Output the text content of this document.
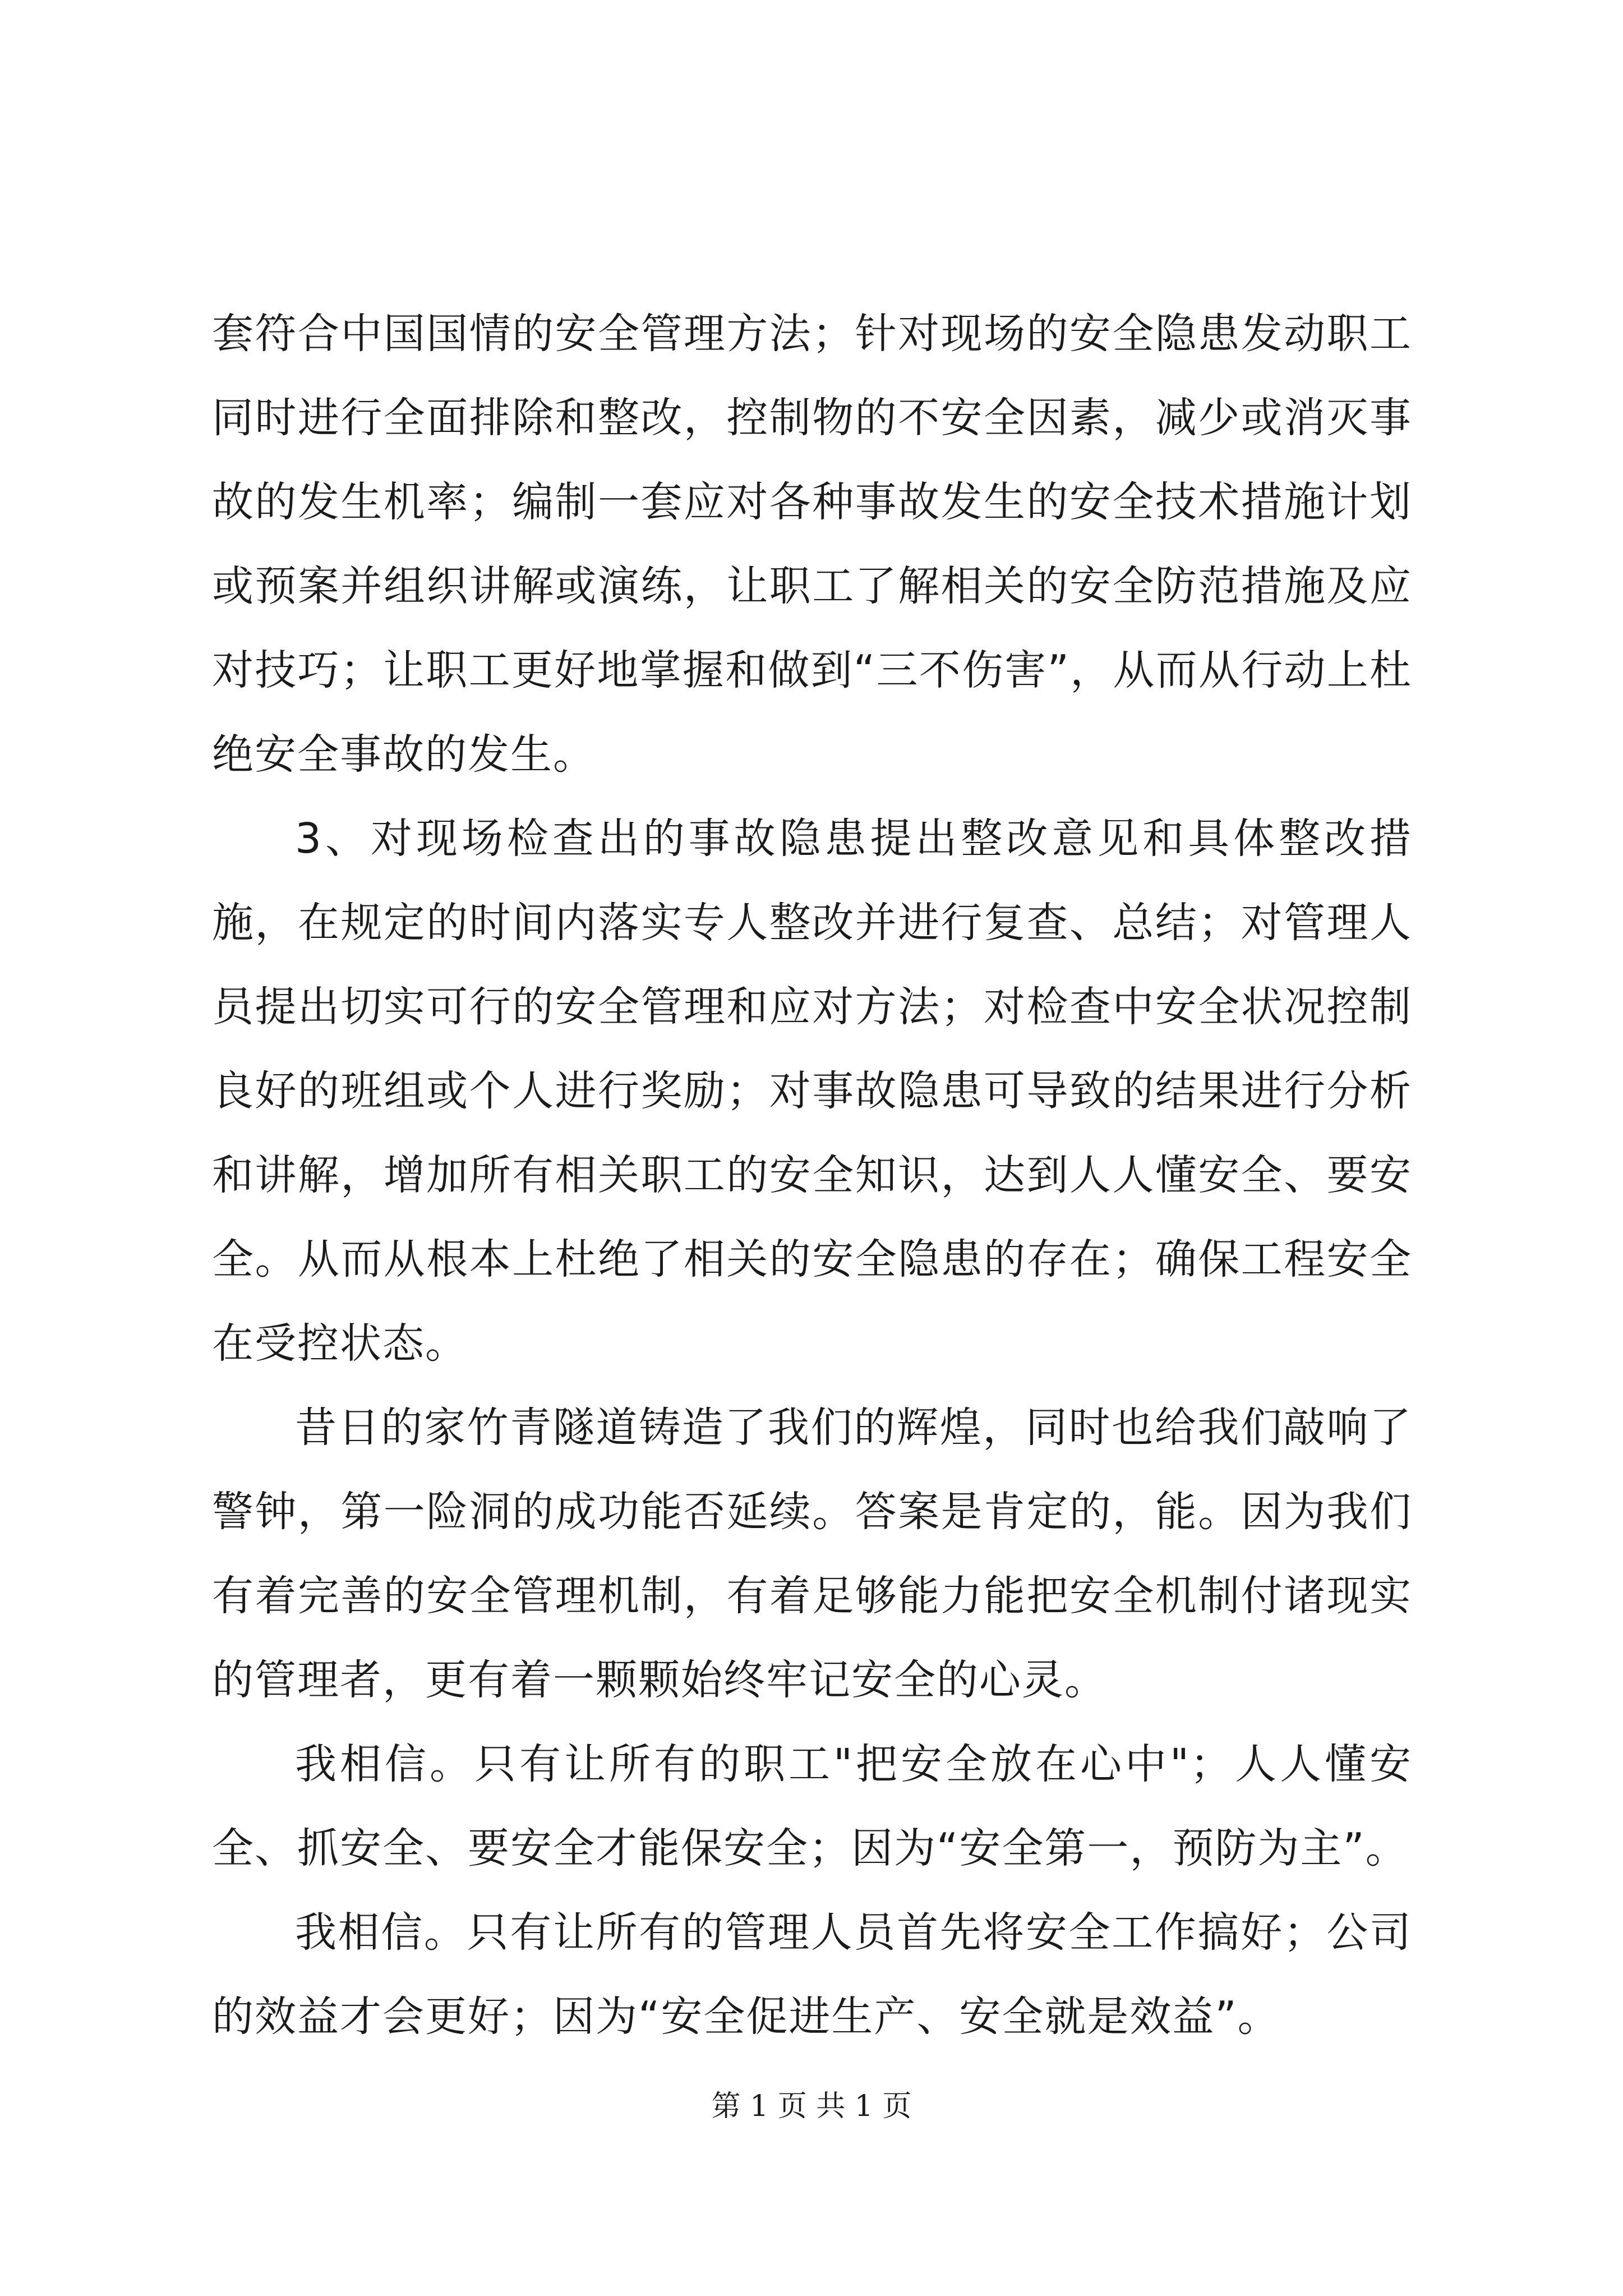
套符合中国国情的安全管理方法；针对现场的安全隐患发动职工同时进行全面排除和整改，控制物的不安全因素，减少或消灭事故的发生机率；编制一套应对各种事故发生的安全技术措施计划或预案并组织讲解或演练，让职工了解相关的安全防范措施及应对技巧；让职工更好地掌握和做到“三不伤害”，从而从行动上杜绝安全事故的发生。

3、对现场检查出的事故隐患提出整改意见和具体整改措施，在规定的时间内落实专人整改并进行复查、总结；对管理人员提出切实可行的安全管理和应对方法；对检查中安全状况控制良好的班组或个人进行奖励；对事故隐患可导致的结果进行分析和讲解，增加所有相关职工的安全知识，达到人人懂安全、要安全。从而从根本上杜绝了相关的安全隐患的存在；确保工程安全在受控状态。

昔日的家竹青隧道铸造了我们的辉煌，同时也给我们敲响了警钟，第一险洞的成功能否延续。答案是肯定的，能。因为我们有着完善的安全管理机制，有着足够能力能把安全机制付诸现实的管理者，更有着一颗颗始终牢记安全的心灵。

我相信。只有让所有的职工"把安全放在心中"；人人懂安全、抓安全、要安全才能保安全；因为“安全第一，预防为主”。

我相信。只有让所有的管理人员首先将安全工作搞好；公司的效益才会更好；因为“安全促进生产、安全就是效益”。

第 1 页 共 1 页
